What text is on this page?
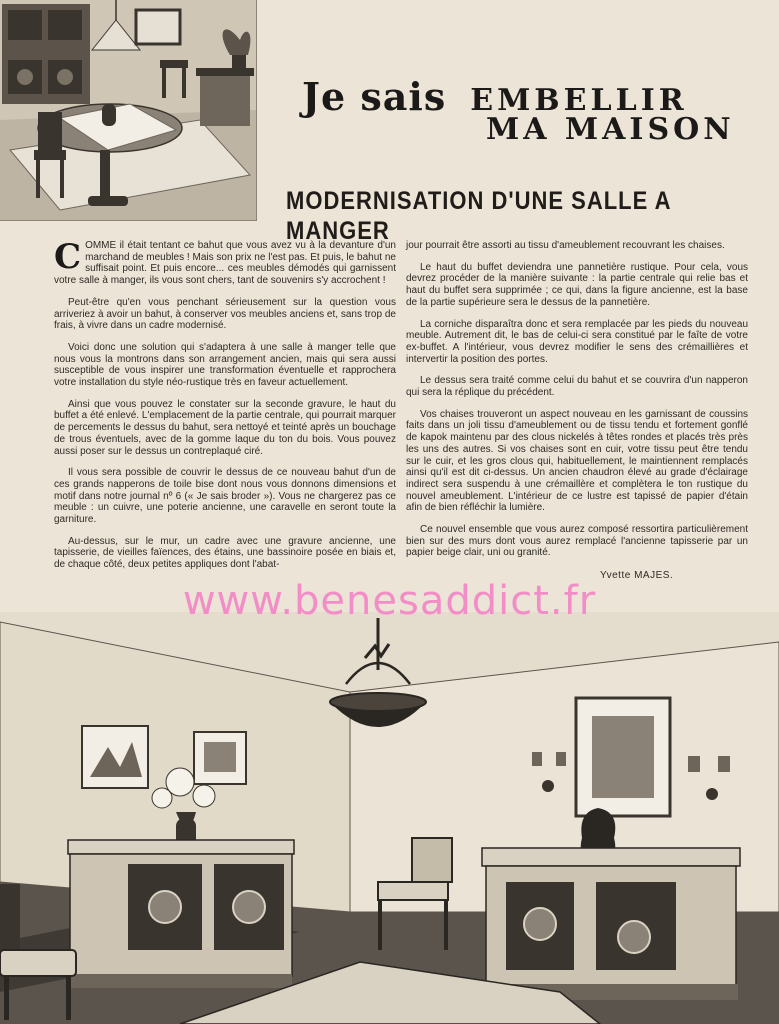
Je sais EMBELLIR
MA MAISON
MODERNISATION D'UNE SALLE A MANGER

C OMME il était tentant ce bahut que vous avez vu à la devanture d'un marchand de meubles ! Mais son prix ne l'est pas. Et puis, le bahut ne suffisait point. Et puis encore... ces meubles démodés qui garnissent votre salle à manger, ils vous sont chers, tant de souvenirs s'y accrochent !

Peut-être qu'en vous penchant sérieusement sur la question vous arriveriez à avoir un bahut, à conserver vos meubles anciens et, sans trop de frais, à vivre dans un cadre modernisé.

Voici donc une solution qui s'adaptera à une salle à manger telle que nous vous la montrons dans son arrangement ancien, mais qui sera aussi susceptible de vous inspirer une transformation éventuelle et rapprochera votre installation du style néo-rustique très en faveur actuellement.

Ainsi que vous pouvez le constater sur la seconde gravure, le haut du buffet a été enlevé. L'emplacement de la partie centrale, qui pourrait marquer de percements le dessus du bahut, sera nettoyé et teinté après un bouchage de trous éventuels, avec de la gomme laque du ton du bois. Vous pouvez aussi poser sur le dessus un contreplaqué ciré.

Il vous sera possible de couvrir le dessus de ce nouveau bahut d'un de ces grands napperons de toile bise dont nous vous donnons dimensions et motif dans notre journal nº 6 (« Je sais broder »). Vous ne chargerez pas ce meuble : un cuivre, une poterie ancienne, une caravelle en seront toute la garniture.

Au-dessus, sur le mur, un cadre avec une gravure ancienne, une tapisserie, de vieilles faïences, des étains, une bassinoire posée en biais et, de chaque côté, deux petites appliques dont l'abat-

jour pourrait être assorti au tissu d'ameublement recouvrant les chaises.

Le haut du buffet deviendra une pannetière rustique. Pour cela, vous devrez procéder de la manière suivante : la partie centrale qui relie bas et haut du buffet sera supprimée ; ce qui, dans la figure ancienne, est la base de la partie supérieure sera le dessus de la pannetière.

La corniche disparaîtra donc et sera remplacée par les pieds du nouveau meuble. Autrement dit, le bas de celui-ci sera constitué par le faîte de votre ex-buffet. A l'intérieur, vous devrez modifier le sens des crémaillières et intervertir la position des portes.

Le dessus sera traité comme celui du bahut et se couvrira d'un napperon qui sera la réplique du précédent.

Vos chaises trouveront un aspect nouveau en les garnissant de coussins faits dans un joli tissu d'ameublement ou de tissu tendu et fortement gonflé de kapok maintenu par des clous nickelés à têtes rondes et placés très près les uns des autres. Si vos chaises sont en cuir, votre tissu peut être tendu sur le cuir, et les gros clous qui, habituellement, le maintiennent remplacés ainsi qu'il est dit ci-dessus. Un ancien chaudron élevé au grade d'éclairage indirect sera suspendu à une crémaillère et complètera le ton rustique du nouvel ameublement. L'intérieur de ce lustre est tapissé de papier d'étain afin de bien réfléchir la lumière.

Ce nouvel ensemble que vous aurez composé ressortira particulièrement bien sur des murs dont vous aurez remplacé l'ancienne tapisserie par un papier beige clair, uni ou granité.

Yvette MAJES.
www.benesaddict.fr
